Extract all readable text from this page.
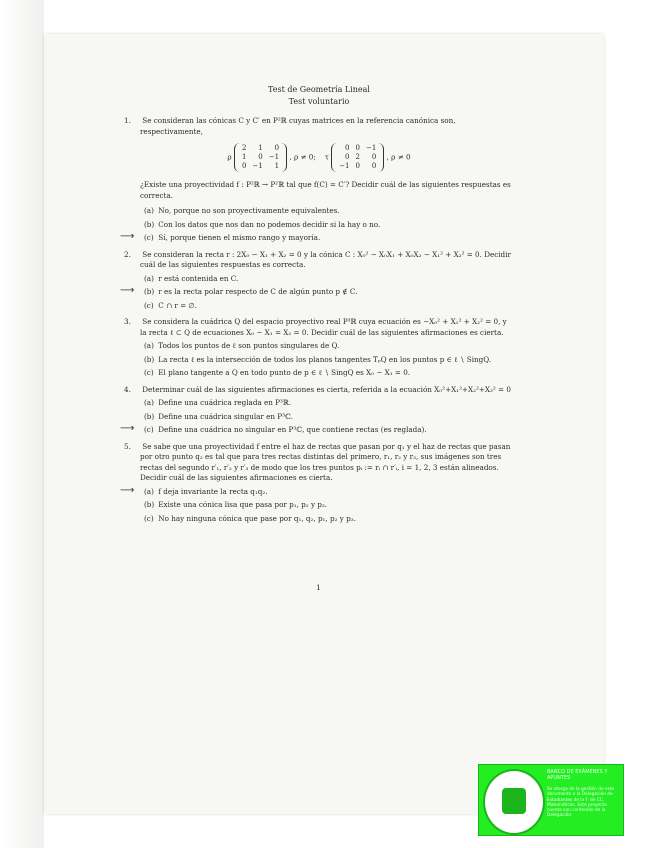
Test de Geometría Lineal
Test voluntario
1. Se consideran las cónicas C y C′ en P²ℝ cuyas matrices en la referencia canónica son, respectivamente,
ρ
2	1	0
1	0	−1
0	−1	1
, ρ ≠ 0; τ
0	0	−1
0	2	0
−1	0	0
, ρ ≠ 0
¿Existe una proyectividad f : P²ℝ → P²ℝ tal que f(C) = C′? Decidir cuál de las siguientes respuestas es correcta.
(a) No, porque no son proyectivamente equivalentes.
(b) Con los datos que nos dan no podemos decidir si la hay o no.
⟶ (c) Sí, porque tienen el mismo rango y mayoría.
2. Se consideran la recta r : 2X₀ − X₁ + X₂ = 0 y la cónica C : X₀² − X₀X₁ + X₀X₂ − X₁² + X₂² = 0. Decidir cuál de las siguientes respuestas es correcta.
(a) r está contenida en C.
⟶ (b) r es la recta polar respecto de C de algún punto p ∉ C.
(c) C ∩ r = ∅.
3. Se considera la cuádrica Q del espacio proyectivo real P³ℝ cuya ecuación es −X₀² + X₁² + X₂² = 0, y la recta ℓ ⊂ Q de ecuaciones X₀ − X₁ = X₂ = 0. Decidir cuál de las siguientes afirmaciones es cierta.
(a) Todos los puntos de ℓ son puntos singulares de Q.
(b) La recta ℓ es la intersección de todos los planos tangentes TₚQ en los puntos p ∈ ℓ ∖ SingQ.
(c) El plano tangente a Q en todo punto de p ∈ ℓ ∖ SingQ es X₀ − X₁ = 0.
4. Determinar cuál de las siguientes afirmaciones es cierta, referida a la ecuación X₀²+X₁²+X₂²+X₃² = 0
(a) Define una cuádrica reglada en P³ℝ.
(b) Define una cuádrica singular en P³ℂ.
⟶ (c) Define una cuádrica no singular en P³ℂ, que contiene rectas (es reglada).
5. Se sabe que una proyectividad f entre el haz de rectas que pasan por q₁ y el haz de rectas que pasan por otro punto q₂ es tal que para tres rectas distintas del primero, r₁, r₂ y r₃, sus imágenes son tres rectas del segundo r′₁, r′₂ y r′₃ de modo que los tres puntos pᵢ := rᵢ ∩ r′ᵢ, i = 1, 2, 3 están alineados. Decidir cuál de las siguientes afirmaciones es cierta.
⟶ (a) f deja invariante la recta q₁q₂.
(b) Existe una cónica lisa que pasa por p₁, p₂ y p₃.
(c) No hay ninguna cónica que pase por q₁, q₂, p₁, p₂ y p₃.
1
BANCO DE EXÁMENES Y APUNTES
Se otorga de la gestión de este documento a la Delegación de Estudiantes de la F. de CC. Matemáticas. Este proyecto cuenta con contenido de la Delegación.
